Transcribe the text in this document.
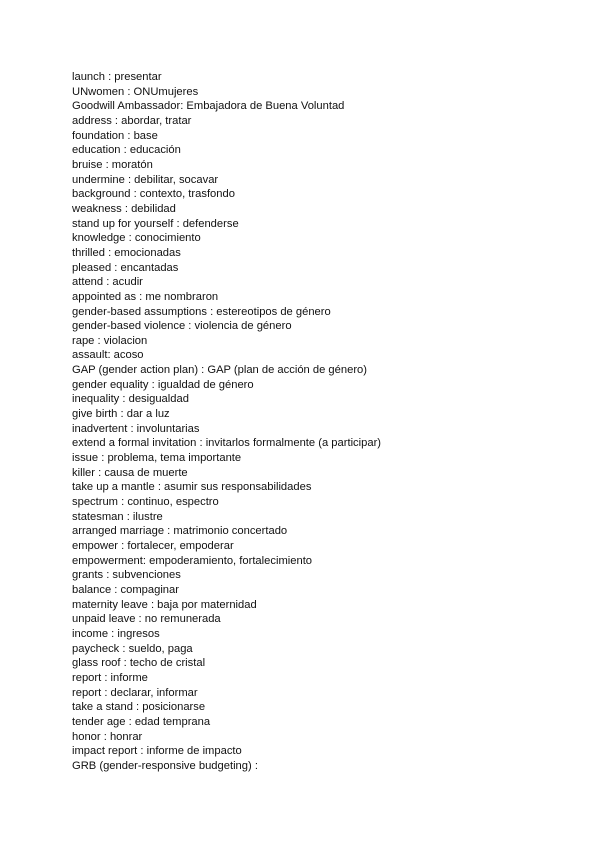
launch : presentar
UNwomen : ONUmujeres
Goodwill Ambassador: Embajadora de Buena Voluntad
address : abordar, tratar
foundation : base
education : educación
bruise : moratón
undermine : debilitar, socavar
background : contexto, trasfondo
weakness : debilidad
stand up for yourself : defenderse
knowledge : conocimiento
thrilled : emocionadas
pleased : encantadas
attend : acudir
appointed as : me nombraron
gender-based assumptions : estereotipos de género
gender-based violence : violencia de género
rape : violacion
assault: acoso
GAP (gender action plan) : GAP (plan de acción de género)
gender equality : igualdad de género
inequality : desigualdad
give birth : dar a luz
inadvertent : involuntarias
extend a formal invitation : invitarlos formalmente (a participar)
issue : problema, tema importante
killer : causa de muerte
take up a mantle : asumir sus responsabilidades
spectrum : continuo, espectro
statesman : ilustre
arranged marriage : matrimonio concertado
empower : fortalecer, empoderar
empowerment: empoderamiento, fortalecimiento
grants : subvenciones
balance : compaginar
maternity leave : baja por maternidad
unpaid leave : no remunerada
income : ingresos
paycheck : sueldo, paga
glass roof : techo de cristal
report : informe
report : declarar, informar
take a stand : posicionarse
tender age : edad temprana
honor : honrar
impact report : informe de impacto
GRB (gender-responsive budgeting) :
